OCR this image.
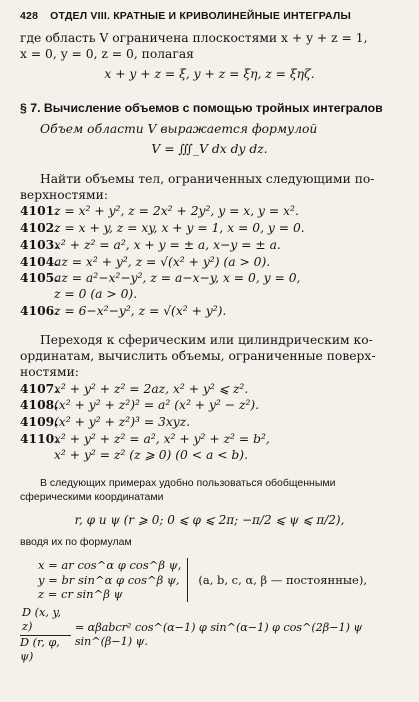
428 ОТДЕЛ VIII. КРАТНЫЕ И КРИВОЛИНЕЙНЫЕ ИНТЕГРАЛЫ

где область V ограничена плоскостями x + y + z = 1,

x = 0, y = 0, z = 0, полагая

x + y + z = ξ, y + z = ξη, z = ξηζ.

§ 7. Вычисление объемов с помощью тройных интегралов

Объем области V выражается формулой

V = ∭_V dx dy dz.

Найти объемы тел, ограниченных следующими по-

верхностями:

4101.z = x² + y², z = 2x² + 2y², y = x, y = x².

4102.z = x + y, z = xy, x + y = 1, x = 0, y = 0.

4103.x² + z² = a², x + y = ± a, x−y = ± a.

4104.az = x² + y², z = √(x² + y²) (a > 0).

4105.az = a²−x²−y², z = a−x−y, x = 0, y = 0,

z = 0 (a > 0).

4106.z = 6−x²−y², z = √(x² + y²).

Переходя к сферическим или цилиндрическим ко-

ординатам, вычислить объемы, ограниченные поверх-

ностями:

4107.x² + y² + z² = 2az, x² + y² ⩽ z².

4108.(x² + y² + z²)² = a² (x² + y² − z²).

4109.(x² + y² + z²)³ = 3xyz.

4110.x² + y² + z² = a², x² + y² + z² = b²,

x² + y² = z² (z ⩾ 0) (0 < a < b).

В следующих примерах удобно пользоваться обобщенными

сферическими координатами

r, φ и ψ (r ⩾ 0; 0 ⩽ φ ⩽ 2π; −π/2 ⩽ ψ ⩽ π/2),

вводя их по формулам

x = ar cos^α φ cos^β ψ,
y = br sin^α φ cos^β ψ,
z = cr sin^β ψ
(a, b, c, α, β — постоянные),
$\frac{D (x, y, z)}{D (r, \varphi, \psi)}$ = αβabcr² cos^(α−1) φ sin^(α−1) φ cos^(2β−1) ψ sin^(β−1) ψ.
